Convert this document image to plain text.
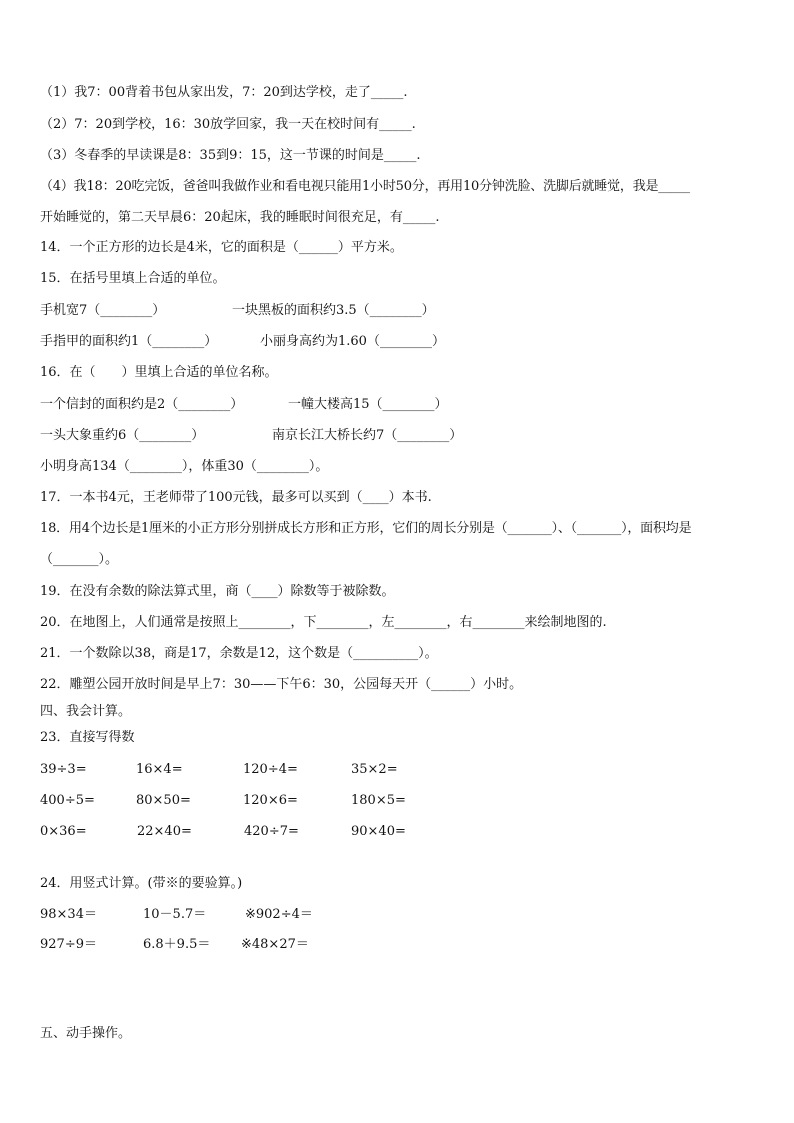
（1）我7：00背着书包从家出发，7：20到达学校，走了_____.
（2）7：20到学校，16：30放学回家，我一天在校时间有_____.
（3）冬春季的早读课是8：35到9：15，这一节课的时间是_____.
（4）我18：20吃完饭，爸爸叫我做作业和看电视只能用1小时50分，再用10分钟洗脸、洗脚后就睡觉，我是_____
开始睡觉的，第二天早晨6：20起床，我的睡眠时间很充足，有_____.
14．一个正方形的边长是4米，它的面积是（______）平方米。
15．在括号里填上合适的单位。
手机宽7（________）	一块黑板的面积约3.5（________）
手指甲的面积约1（________）	小丽身高约为1.60（________）
16．在（　　）里填上合适的单位名称。
一个信封的面积约是2（________）	一幢大楼高15（________）
一头大象重约6（________）	南京长江大桥长约7（________）
小明身高134（________），体重30（________）。
17．一本书4元，王老师带了100元钱，最多可以买到（____）本书.
18．用4个边长是1厘米的小正方形分别拼成长方形和正方形，它们的周长分别是（_______）、（_______），面积均是
（_______）。
19．在没有余数的除法算式里，商（____）除数等于被除数。
20．在地图上，人们通常是按照上________，下________，左________，右________来绘制地图的.
21．一个数除以38，商是17，余数是12，这个数是（__________）。
22．雕塑公园开放时间是早上7：30——下午6：30，公园每天开（______）小时。
四、我会计算。
23．直接写得数
39÷3=	16×4=	120÷4=	35×2=
400÷5=	80×50=	120×6=	180×5=
0×36=	22×40=	420÷7=	90×40=
24．用竖式计算。(带※的要验算。)
98×34＝	10－5.7＝	※902÷4＝
927÷9＝	6.8＋9.5＝ ※48×27＝
五、动手操作。
